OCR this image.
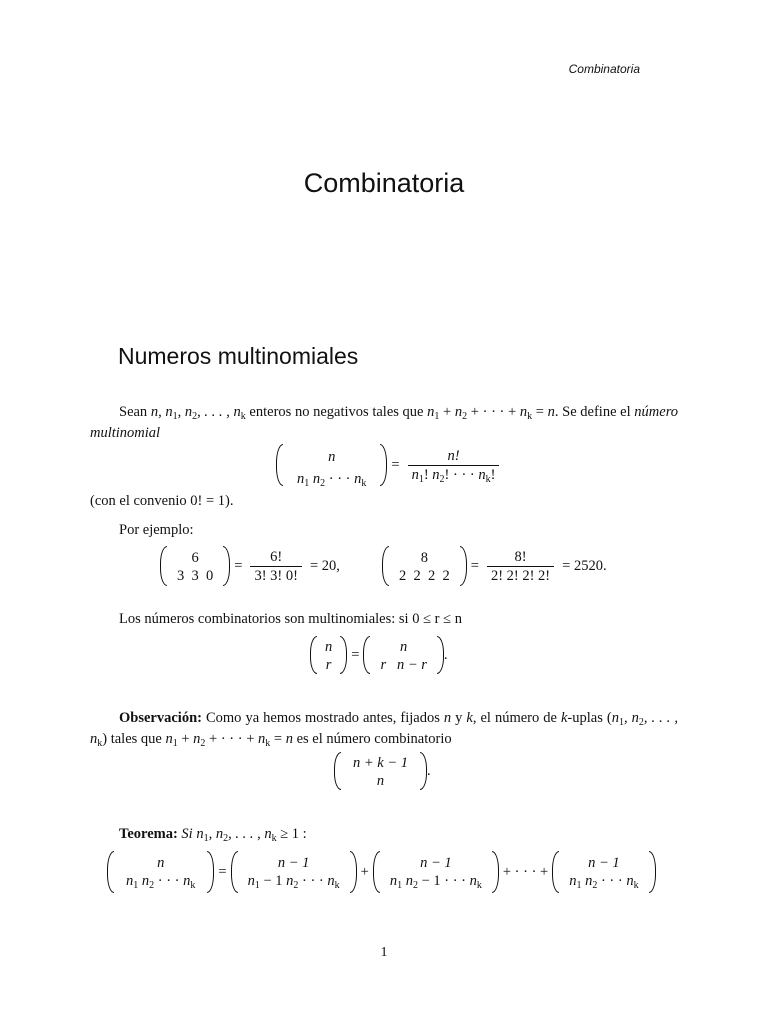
Combinatoria
Combinatoria
Numeros multinomiales
Sean n, $n_1$, $n_2$, . . . , $n_k$ enteros no negativos tales que $n_1 + n_2$ + · · · + $n_k = n$. Se define el número multinomial
n
$n_1$ $n_2$ · · · $n_k$
= $\frac{n!}{n_1! n_2! \cdot \cdot \cdot n_k!}$
(con el convenio 0! = 1).
Por ejemplo:
6
3  3  0
= $\frac{6!}{3! 3! 0!} = 20$,	8
2  2  2  2
= $\frac{8!}{2! 2! 2! 2!} = 2520$.
Los números combinatorios son multinomiales: si 0 ≤ r ≤ n
n
r
=	n
r   n − r
.
Observación: Como ya hemos mostrado antes, fijados n y k, el número de k-uplas ($n_1$, $n_2$, . . . , $n_k$) tales que $n_1 + n_2$ + · · · + $n_k = n$ es el número combinatorio
n + k − 1
n
.
Teorema: Si $n_1$, $n_2$, . . . , $n_k \ge 1$ :
n
$n_1$ $n_2$ · · · $n_k$
=
n − 1
$n_1 - 1$ $n_2$ · · · $n_k$
+
n − 1
$n_1$ $n_2 - 1$ · · · $n_k$
+ · · · +
n − 1
$n_1$ $n_2$ · · · $n_k$
1
